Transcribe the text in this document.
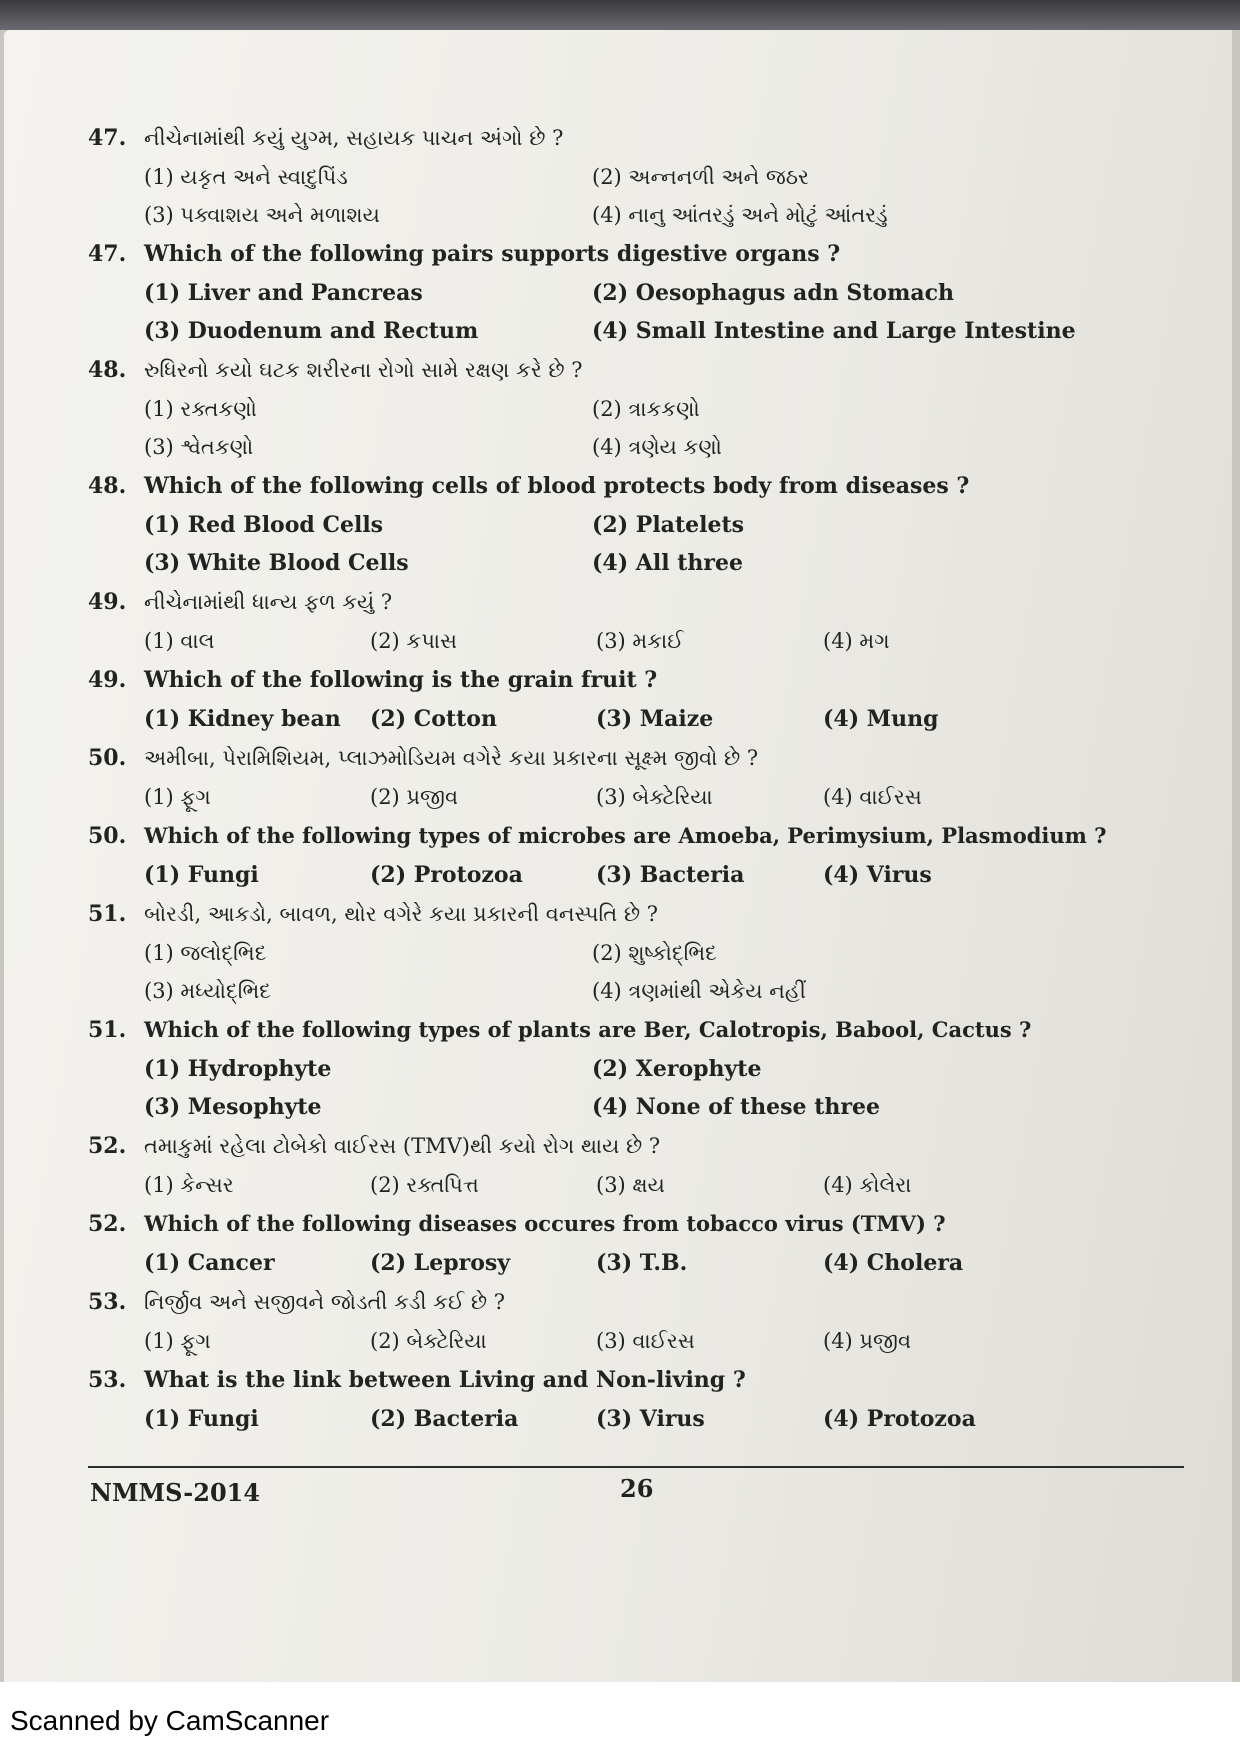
47. નીચેનામાંથી કયું યુગ્મ, સહાયક પાચન અંગો છે ?
(1) યકૃત અને સ્વાદુપિંડ	(2) અન્નનળી અને જઠર
(3) પક્વાશય અને મળાશય	(4) નાનુ આંતરડું અને મોટું આંતરડું
47. Which of the following pairs supports digestive organs ?
(1) Liver and Pancreas	(2) Oesophagus adn Stomach
(3) Duodenum and Rectum	(4) Small Intestine and Large Intestine
48. રુધિરનો કયો ઘટક શરીરના રોગો સામે રક્ષણ કરે છે ?
(1) રક્તકણો	(2) ત્રાકકણો
(3) શ્વેતકણો	(4) ત્રણેય કણો
48. Which of the following cells of blood protects body from diseases ?
(1) Red Blood Cells	(2) Platelets
(3) White Blood Cells	(4) All three
49. નીચેનામાંથી ધાન્ય ફળ કયું ?
(1) વાલ	(2) કપાસ	(3) મકાઈ	(4) મગ
49. Which of the following is the grain fruit ?
(1) Kidney bean (2) Cotton	(3) Maize	(4) Mung
50. અમીબા, પેરામિશિયમ, પ્લાઝમોડિયમ વગેરે કયા પ્રકારના સૂક્ષ્મ જીવો છે ?
(1) ફૂગ	(2) પ્રજીવ	(3) બેક્ટેરિયા	(4) વાઈરસ
50. Which of the following types of microbes are Amoeba, Perimysium, Plasmodium ?
(1) Fungi	(2) Protozoa	(3) Bacteria	(4) Virus
51. બોરડી, આકડો, બાવળ, થોર વગેરે કયા પ્રકારની વનસ્પતિ છે ?
(1) જલોદ્‌ભિદ	(2) શુષ્કોદ્‌ભિદ
(3) મધ્યોદ્‌ભિદ	(4) ત્રણમાંથી એકેય નહીં
51. Which of the following types of plants are Ber, Calotropis, Babool, Cactus ?
(1) Hydrophyte	(2) Xerophyte
(3) Mesophyte	(4) None of these three
52. તમાકુમાં રહેલા ટોબેકો વાઈરસ (TMV)થી કયો રોગ થાય છે ?
(1) કેન્સર	(2) રક્તપિત્ત	(3) ક્ષય	(4) કોલેરા
52. Which of the following diseases occures from tobacco virus (TMV) ?
(1) Cancer	(2) Leprosy	(3) T.B.	(4) Cholera
53. નિર્જીવ અને સજીવને જોડતી કડી કઈ છે ?
(1) ફૂગ	(2) બેક્ટેરિયા	(3) વાઈરસ	(4) પ્રજીવ
53. What is the link between Living and Non-living ?
(1) Fungi	(2) Bacteria	(3) Virus	(4) Protozoa
NMMS-2014	26
Scanned by CamScanner
